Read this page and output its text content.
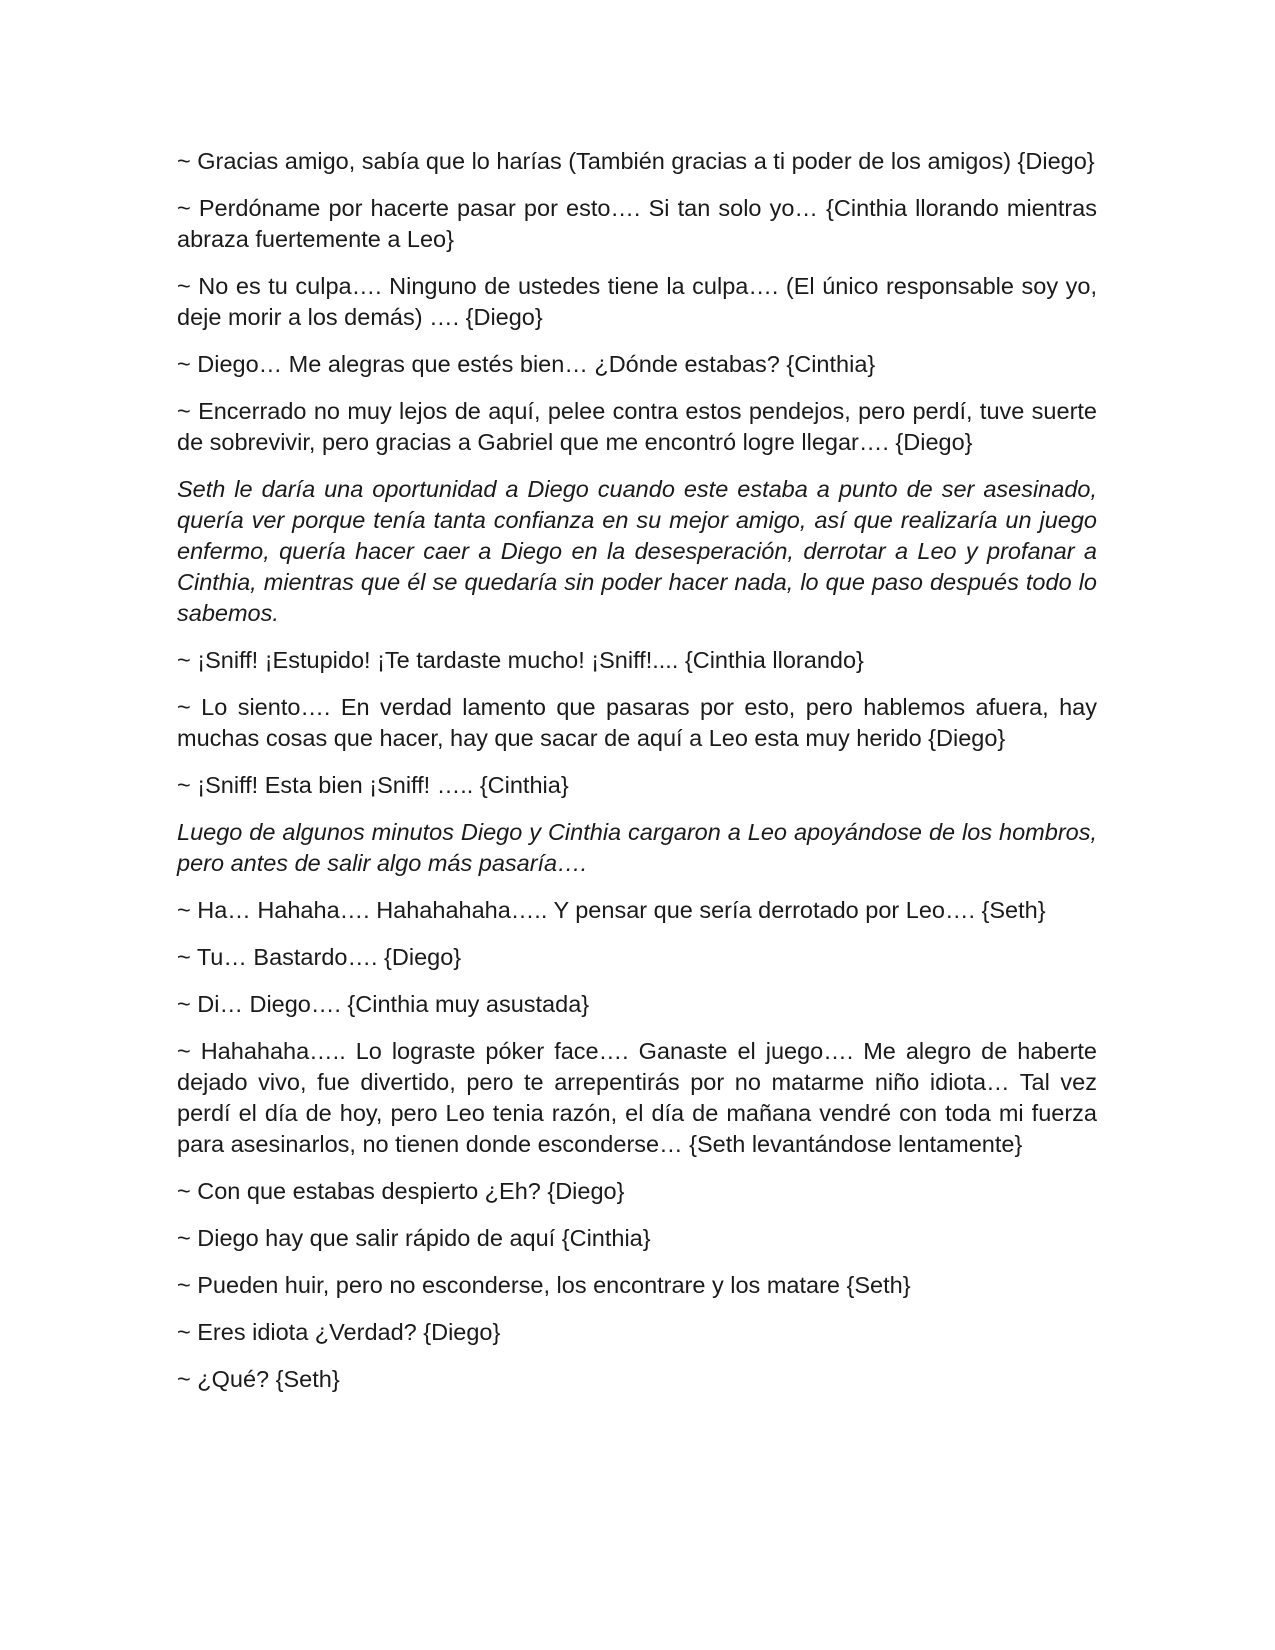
~ Gracias amigo, sabía que lo harías (También gracias a ti poder de los amigos) {Diego}

~ Perdóname por hacerte pasar por esto…. Si tan solo yo… {Cinthia llorando mientras abraza fuertemente a Leo}

~ No es tu culpa…. Ninguno de ustedes tiene la culpa…. (El único responsable soy yo, deje morir a los demás) …. {Diego}

~ Diego… Me alegras que estés bien… ¿Dónde estabas? {Cinthia}

~ Encerrado no muy lejos de aquí, pelee contra estos pendejos, pero perdí, tuve suerte de sobrevivir, pero gracias a Gabriel que me encontró logre llegar…. {Diego}

Seth le daría una oportunidad a Diego cuando este estaba a punto de ser asesinado, quería ver porque tenía tanta confianza en su mejor amigo, así que realizaría un juego enfermo, quería hacer caer a Diego en la desesperación, derrotar a Leo y profanar a Cinthia, mientras que él se quedaría sin poder hacer nada, lo que paso después todo lo sabemos.

~ ¡Sniff! ¡Estupido! ¡Te tardaste mucho! ¡Sniff!.... {Cinthia llorando}

~ Lo siento…. En verdad lamento que pasaras por esto, pero hablemos afuera, hay muchas cosas que hacer, hay que sacar de aquí a Leo esta muy herido {Diego}

~ ¡Sniff! Esta bien ¡Sniff! ….. {Cinthia}

Luego de algunos minutos Diego y Cinthia cargaron a Leo apoyándose de los hombros, pero antes de salir algo más pasaría….

~ Ha… Hahaha…. Hahahahaha….. Y pensar que sería derrotado por Leo…. {Seth}

~ Tu… Bastardo…. {Diego}

~ Di… Diego…. {Cinthia muy asustada}

~ Hahahaha….. Lo lograste póker face…. Ganaste el juego…. Me alegro de haberte dejado vivo, fue divertido, pero te arrepentirás por no matarme niño idiota… Tal vez perdí el día de hoy, pero Leo tenia razón, el día de mañana vendré con toda mi fuerza para asesinarlos, no tienen donde esconderse… {Seth levantándose lentamente}

~ Con que estabas despierto ¿Eh? {Diego}

~ Diego hay que salir rápido de aquí {Cinthia}

~ Pueden huir, pero no esconderse, los encontrare y los matare {Seth}

~ Eres idiota ¿Verdad? {Diego}

~ ¿Qué? {Seth}
